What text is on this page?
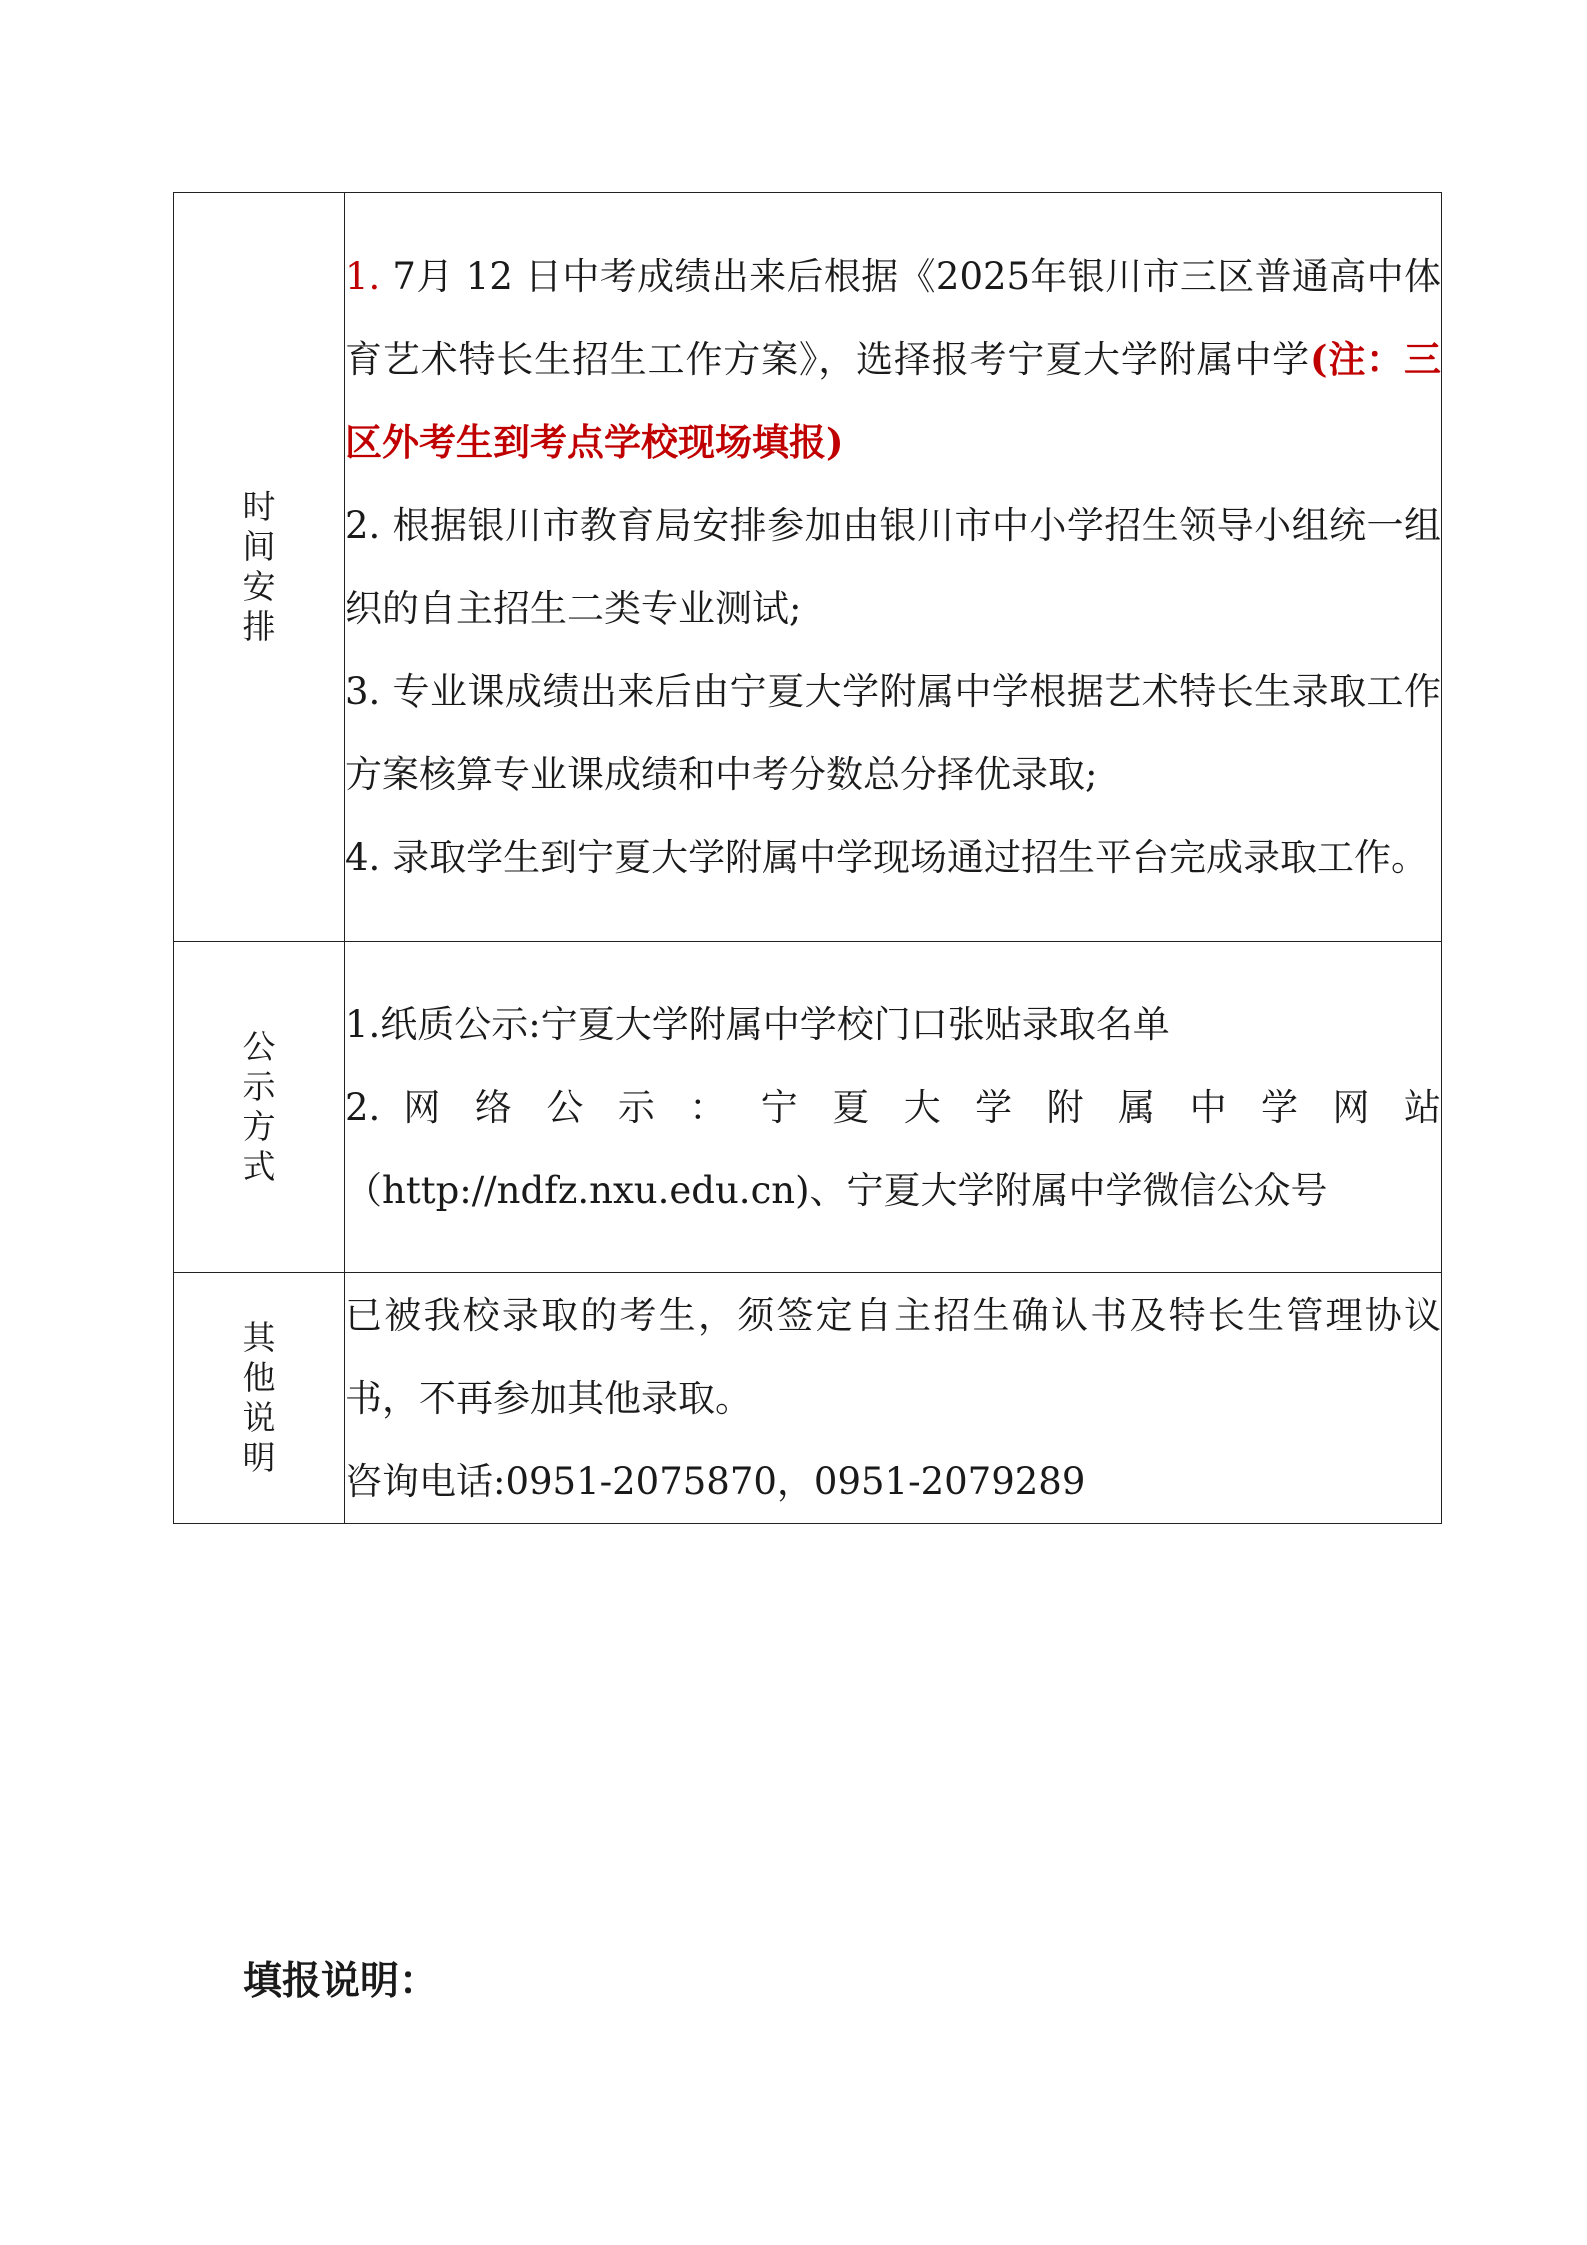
时间安排	1. 7月 12 日中考成绩出来后根据《2025年银川市三区普通高中体育艺术特长生招生工作方案》，选择报考宁夏大学附属中学(注：三区外考生到考点学校现场填报)
2. 根据银川市教育局安排参加由银川市中小学招生领导小组统一组织的自主招生二类专业测试;
3. 专业课成绩出来后由宁夏大学附属中学根据艺术特长生录取工作方案核算专业课成绩和中考分数总分择优录取;
4. 录取学生到宁夏大学附属中学现场通过招生平台完成录取工作。

公示方式	1.纸质公示:宁夏大学附属中学校门口张贴录取名单
2. 网 络 公 示 ： 宁 夏 大 学 附 属 中 学 网 站
（http://ndfz.nxu.edu.cn)、宁夏大学附属中学微信公众号

其他说明	已被我校录取的考生，须签定自主招生确认书及特长生管理协议书，不再参加其他录取。
咨询电话:0951-2075870，0951-2079289
填报说明：
